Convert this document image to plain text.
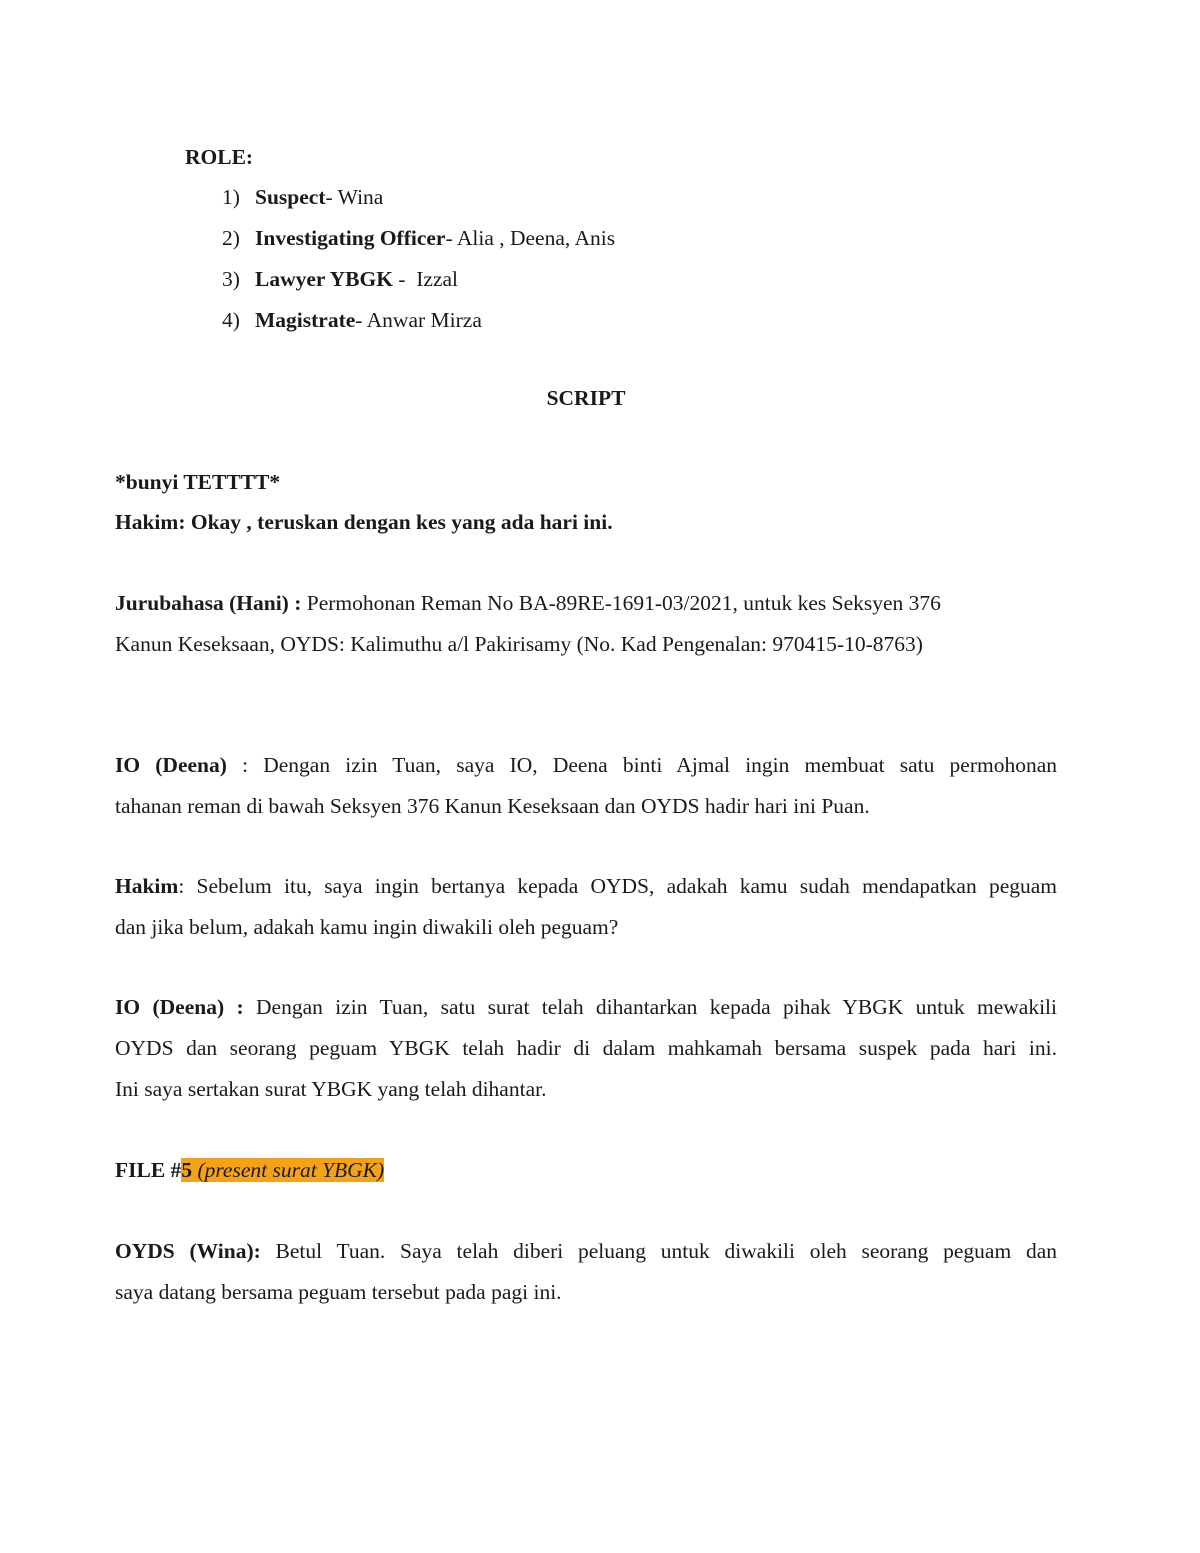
ROLE:
1) Suspect- Wina
2) Investigating Officer- Alia , Deena, Anis
3) Lawyer YBGK -  Izzal
4) Magistrate- Anwar Mirza
SCRIPT
*bunyi TETTTT*
Hakim: Okay , teruskan dengan kes yang ada hari ini.
Jurubahasa (Hani) : Permohonan Reman No BA-89RE-1691-03/2021, untuk kes Seksyen 376
Kanun Keseksaan, OYDS: Kalimuthu a/l Pakirisamy (No. Kad Pengenalan: 970415-10-8763)
IO (Deena) : Dengan izin Tuan, saya IO, Deena binti Ajmal ingin membuat satu permohonan
tahanan reman di bawah Seksyen 376 Kanun Keseksaan dan OYDS hadir hari ini Puan.
Hakim: Sebelum itu, saya ingin bertanya kepada OYDS, adakah kamu sudah mendapatkan peguam
dan jika belum, adakah kamu ingin diwakili oleh peguam?
IO (Deena) : Dengan izin Tuan, satu surat telah dihantarkan kepada pihak YBGK untuk mewakili
OYDS dan seorang peguam YBGK telah hadir di dalam mahkamah bersama suspek pada hari ini.
Ini saya sertakan surat YBGK yang telah dihantar.
FILE #5 (present surat YBGK)
OYDS (Wina): Betul Tuan. Saya telah diberi peluang untuk diwakili oleh seorang peguam dan
saya datang bersama peguam tersebut pada pagi ini.
